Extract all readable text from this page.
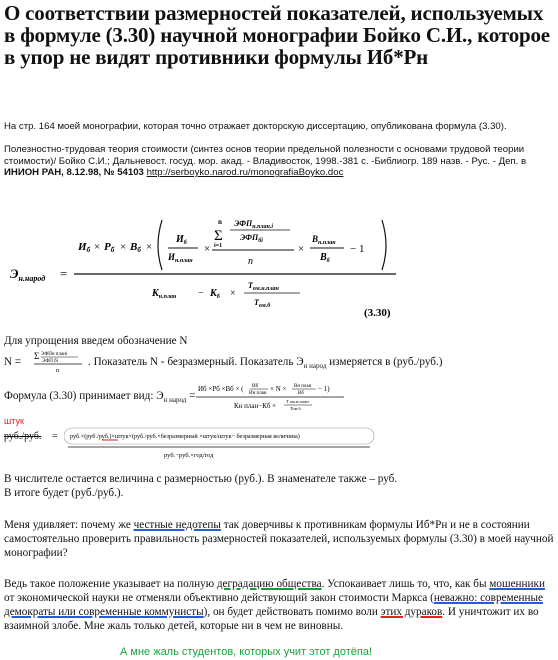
О соответствии размерностей показателей, используемых в формуле (3.30) научной монографии Бойко С.И., которое в упор не видят противники формулы Иб*Рн
На стр. 164 моей монографии, которая точно отражает докторскую диссертацию, опубликована формула (3.30).
Полезностно-трудовая теория стоимости (синтез основ теории предельной полезности с основами трудовой теории стоимости)/ Бойко С.И.; Дальневост. госуд. мор. акад. - Владивосток, 1998.-381 с. -Библиогр. 189 назв. - Рус. - Деп. в ИНИОН РАН, 8.12.98, № 54103 http://serboyko.narod.ru/monografiaBoyko.doc
$Э_{н.народ}$ =
Иб × Рб × Вб ×
$И_б$
$И_{н.план}$
×
n
Σ
i=1
$ЭФП_{н.план.i}$
$ЭФП_{бi}$
n
×
$В_{н.план}$
$В_б$
− 1
$К_{н.план} - К_б$ ×
$Т_{ом.н.план}$
$Т_{ом.б}$
(3.30)
Для упрощения введем обозначение N
N = Σ ЭФПн плані
ЭФП бі
n
. Показатель N - безразмерный. Показатель $Э_{н народ}$ измеряется в (руб./руб.)
Формула (3.30) принимает вид: $Э_{н народ}$ =
Иб ×Рб ×Вб × ( Иб
Ин план
× N × Вн план
Вб
− 1)
Кн план−Кб ×
Т ом.н.план
Том б
штук
руб./руб. = руб.×(руб./руб.)×штук×(руб./руб.×безразмерный ×штук/штук− безразмерная величина)
руб.−руб.×год/год
В числителе остается величина с размерностью (руб.). В знаменателе также – руб.
В итоге будет (руб./руб.).
Меня удивляет: почему же честные недотепы так доверчивы к противникам формулы Иб*Рн и не в состоянии самостоятельно проверить правильность размерностей показателей, используемых формулы (3.30) в моей научной монографии?
Ведь такое положение указывает на полную деградацию общества. Успокаивает лишь то, что, как бы мошенники от экономической науки не отменяли объективно действующий закон стоимости Маркса (неважно: современные демократы или современные коммунисты), он будет действовать помимо воли этих дураков. И уничтожит их во взаимной злобе. Мне жаль только детей, которые ни в чем не виновны.
А мне жаль студентов, которых учит этот дотёпа!
